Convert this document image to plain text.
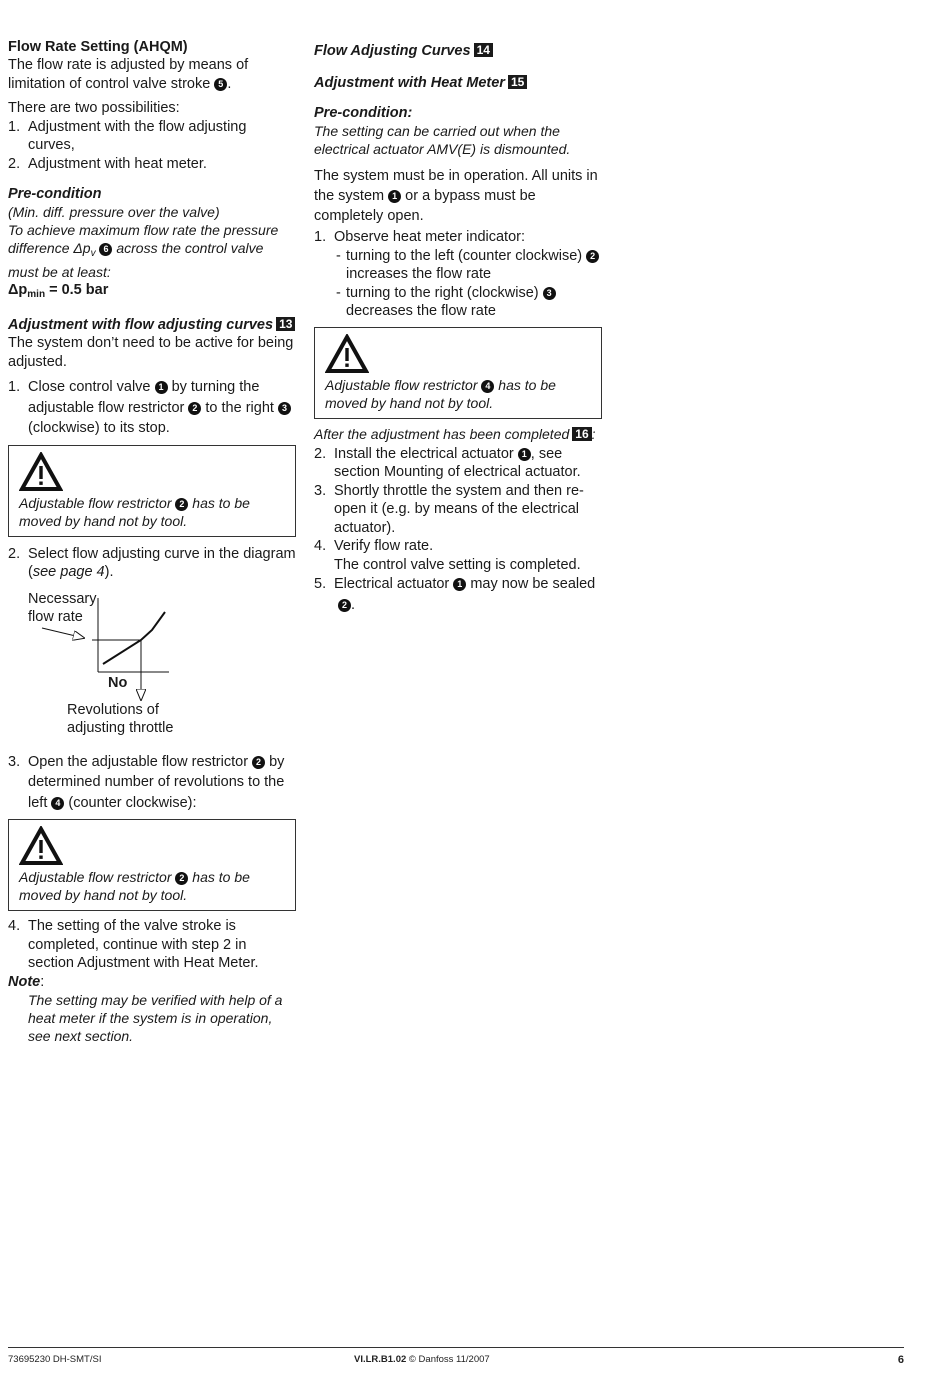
Flow Rate Setting (AHQM)

The flow rate is adjusted by means of limitation of control valve stroke 5 .

There are two possibilities:

1. Adjustment with the flow adjusting curves,
2. Adjustment with heat meter.

Pre-condition

(Min. diff. pressure over the valve)

To achieve maximum flow rate the pressure difference $\Delta p_v$ 6 across the control valve must be at least:

$\Delta p_{min} = 0.5$ bar

Adjustment with flow adjusting curves 13

The system don’t need to be active for being adjusted.

1. Close control valve 1 by turning the adjustable flow restrictor 2 to the right 3 (clockwise) to its stop.
Adjustable flow restrictor 2 has to be moved by hand not by tool.
2. Select flow adjusting curve in the diagram (see page 4).
Necessary
flow rate
No
Revolutions of
adjusting throttle
3. Open the adjustable flow restrictor 2 by determined number of revolutions to the left 4 (counter clockwise):
Adjustable flow restrictor 2 has to be moved by hand not by tool.
4. The setting of the valve stroke is completed, continue with step 2 in section Adjustment with Heat Meter.

Note:

The setting may be verified with help of a heat meter if the system is in operation, see next section.

Flow Adjusting Curves 14

Adjustment with Heat Meter 15

Pre-condition:

The setting can be carried out when the electrical actuator AMV(E) is dismounted.

The system must be in operation. All units in the system 1 or a bypass must be completely open.

1. Observe heat meter indicator:
- turning to the left (counter clockwise) 2 increases the flow rate
- turning to the right (clockwise) 3 decreases the flow rate
Adjustable flow restrictor 4 has to be moved by hand not by tool.

After the adjustment has been completed 16 :

2. Install the electrical actuator 1 , see section Mounting of electrical actuator.
3. Shortly throttle the system and then re-open it (e.g. by means of the electrical actuator).
4. Verify flow rate.
The control valve setting is completed.
5. Electrical actuator 1 may now be sealed  2 .
73695230 DH-SMT/SI	VI.LR.B1.02 © Danfoss 11/2007	6
